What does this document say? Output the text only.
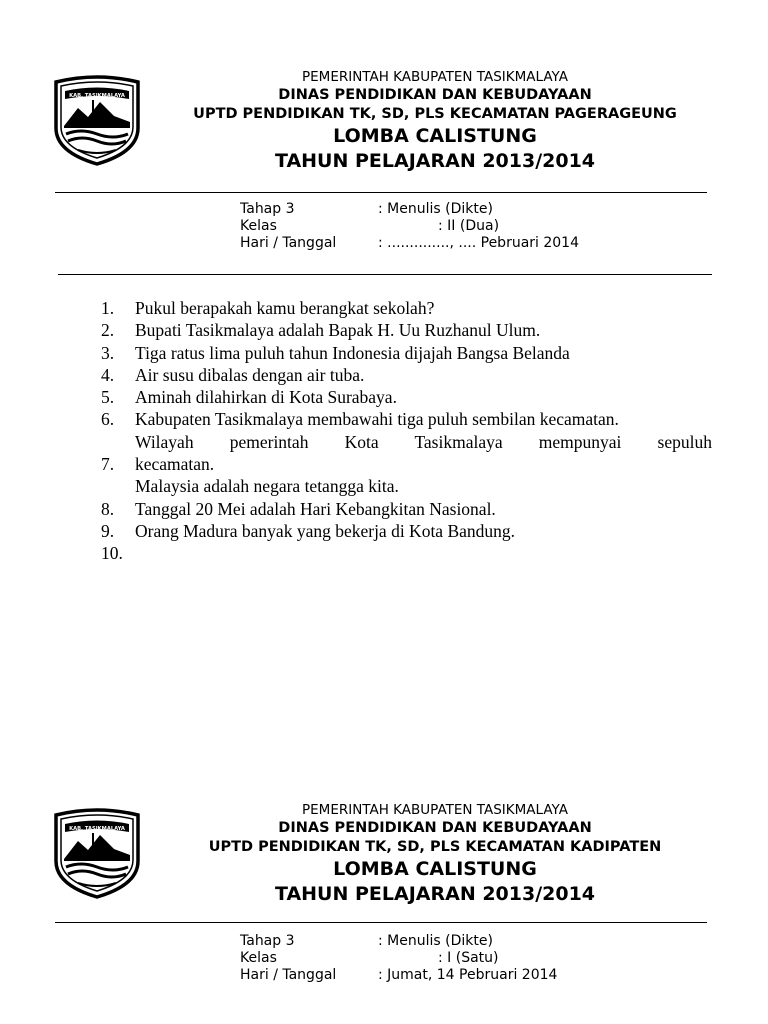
KAB. TASIKMALAYA
PEMERINTAH KABUPATEN TASIKMALAYA
DINAS PENDIDIKAN DAN KEBUDAYAAN
UPTD PENDIDIKAN TK, SD, PLS KECAMATAN PAGERAGEUNG
LOMBA CALISTUNG
TAHUN PELAJARAN 2013/2014
Tahap 3	: Menulis (Dikte)
Kelas	: II (Dua)
Hari / Tanggal	: .............., .... Pebruari 2014
1.	Pukul berapakah kamu berangkat sekolah?
2.	Bupati Tasikmalaya adalah Bapak H. Uu Ruzhanul Ulum.
3.	Tiga ratus lima puluh tahun Indonesia dijajah Bangsa Belanda
4.	Air susu dibalas dengan air tuba.
5.	Aminah dilahirkan di Kota Surabaya.
6.	Kabupaten Tasikmalaya membawahi tiga puluh sembilan kecamatan.
Wilayah pemerintah Kota Tasikmalaya mempunyai sepuluh
7.	kecamatan.
Malaysia adalah negara tetangga kita.
8.	Tanggal 20 Mei adalah Hari Kebangkitan Nasional.
9.	Orang Madura banyak yang bekerja di Kota Bandung.
10.
KAB. TASIKMALAYA
PEMERINTAH KABUPATEN TASIKMALAYA
DINAS PENDIDIKAN DAN KEBUDAYAAN
UPTD PENDIDIKAN TK, SD, PLS KECAMATAN KADIPATEN
LOMBA CALISTUNG
TAHUN PELAJARAN 2013/2014
Tahap 3	: Menulis (Dikte)
Kelas	: I (Satu)
Hari / Tanggal	: Jumat, 14 Pebruari 2014
